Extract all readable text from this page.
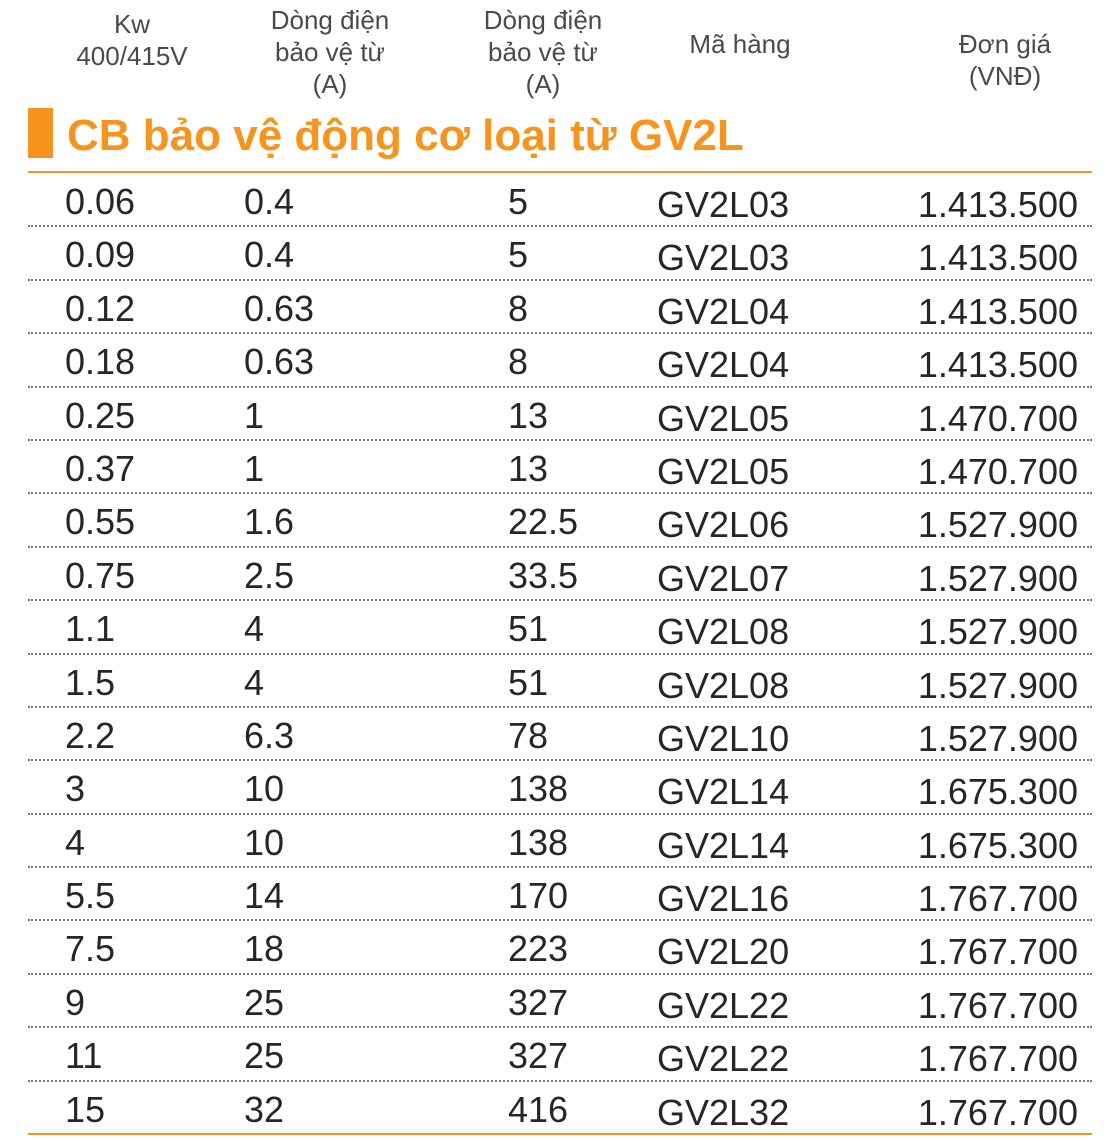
Kw
400/415V
Dòng điện
bảo vệ từ
(A)
Dòng điện
bảo vệ từ
(A)
Mã hàng	Đơn giá
(VNĐ)
CB bảo vệ động cơ loại từ GV2L
0.06	0.4	5	GV2L03	1.413.500
0.09	0.4	5	GV2L03	1.413.500
0.12	0.63	8	GV2L04	1.413.500
0.18	0.63	8	GV2L04	1.413.500
0.25	1	13	GV2L05	1.470.700
0.37	1	13	GV2L05	1.470.700
0.55	1.6	22.5 GV2L06	1.527.900
0.75	2.5	33.5 GV2L07	1.527.900
1.1	4	51	GV2L08	1.527.900
1.5	4	51	GV2L08	1.527.900
2.2	6.3	78	GV2L10	1.527.900
3	10	138 GV2L14	1.675.300
4	10	138 GV2L14	1.675.300
5.5	14	170 GV2L16	1.767.700
7.5	18	223 GV2L20	1.767.700
9	25	327 GV2L22	1.767.700
11	25	327 GV2L22	1.767.700
15	32	416 GV2L32	1.767.700
